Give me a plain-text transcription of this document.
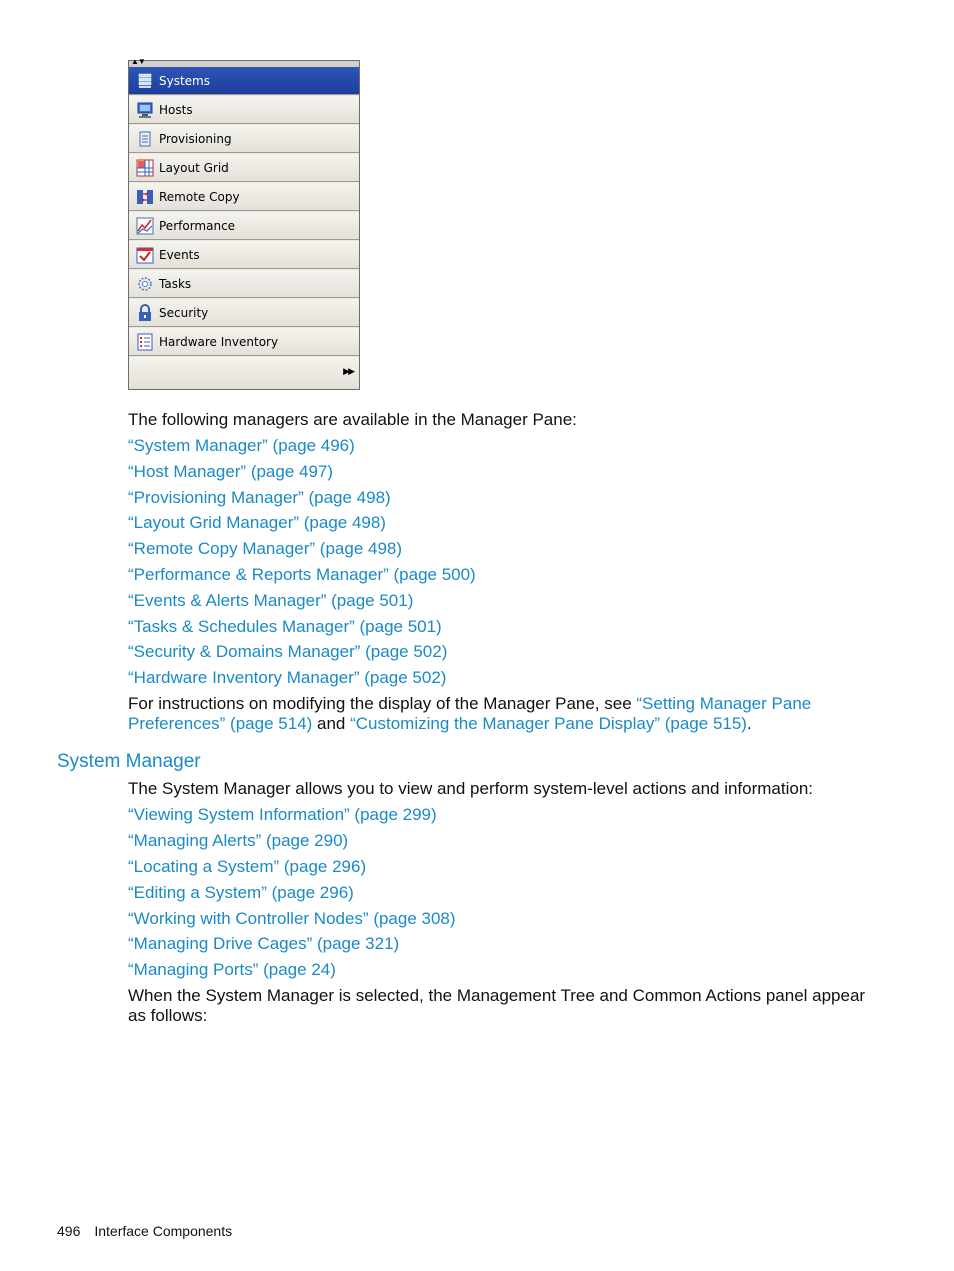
▲▼
Systems
Hosts
Provisioning
Layout Grid
Remote Copy
Performance
Events
Tasks
Security
Hardware Inventory
▶▶
The following managers are available in the Manager Pane:
“System Manager” (page 496)
“Host Manager” (page 497)
“Provisioning Manager” (page 498)
“Layout Grid Manager” (page 498)
“Remote Copy Manager” (page 498)
“Performance & Reports Manager” (page 500)
“Events & Alerts Manager” (page 501)
“Tasks & Schedules Manager” (page 501)
“Security & Domains Manager” (page 502)
“Hardware Inventory Manager” (page 502)
For instructions on modifying the display of the Manager Pane, see “Setting Manager Pane Preferences” (page 514) and “Customizing the Manager Pane Display” (page 515).
System Manager
The System Manager allows you to view and perform system-level actions and information:
“Viewing System Information” (page 299)
“Managing Alerts” (page 290)
“Locating a System” (page 296)
“Editing a System” (page 296)
“Working with Controller Nodes” (page 308)
“Managing Drive Cages” (page 321)
“Managing Ports” (page 24)
When the System Manager is selected, the Management Tree and Common Actions panel appear as follows:
496 Interface Components
